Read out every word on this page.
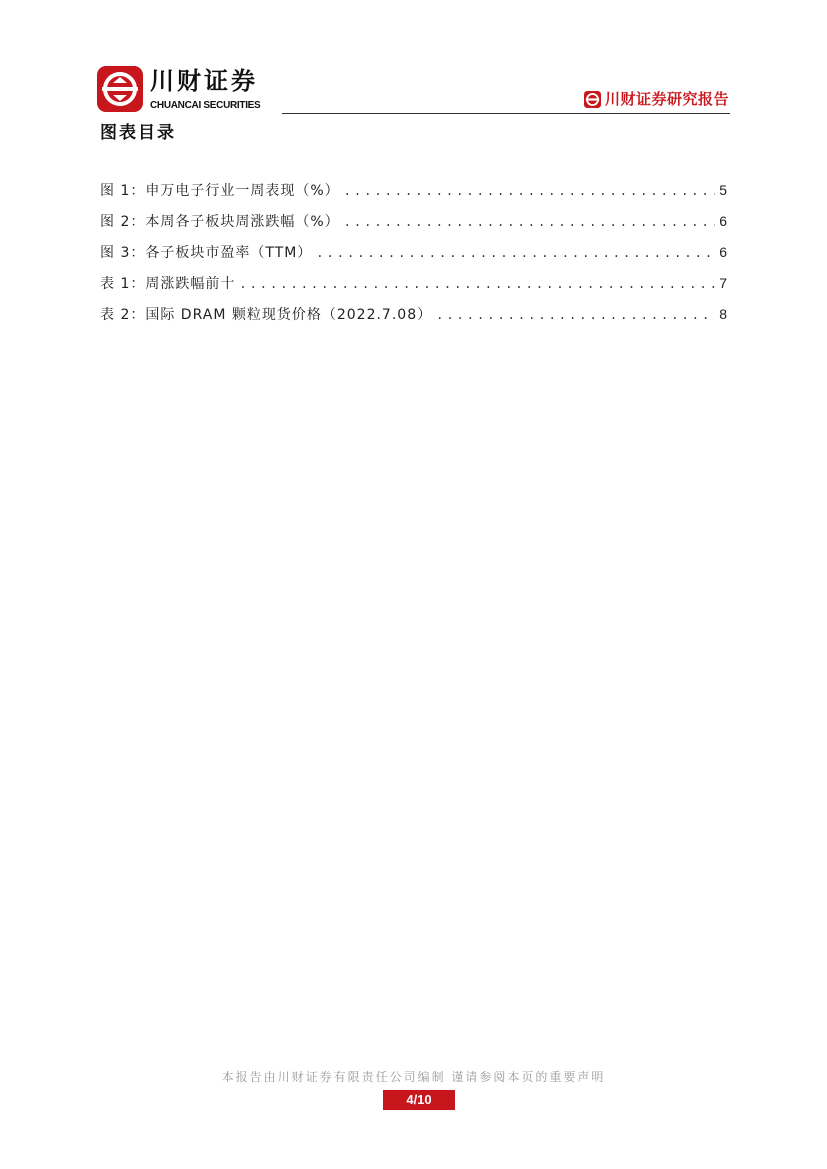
川财证券
CHUANCAI SECURITIES	川财证券研究报告
图表目录
图 1：申万电子行业一周表现（%） .....	5
图 2：本周各子板块周涨跌幅（%） .....	6
图 3：各子板块市盈率（TTM） .....	6
表 1：周涨跌幅前十 .....	7
表 2：国际 DRAM 颗粒现货价格（2022.7.08） .....	8
本报告由川财证券有限责任公司编制 谨请参阅本页的重要声明
4/10
